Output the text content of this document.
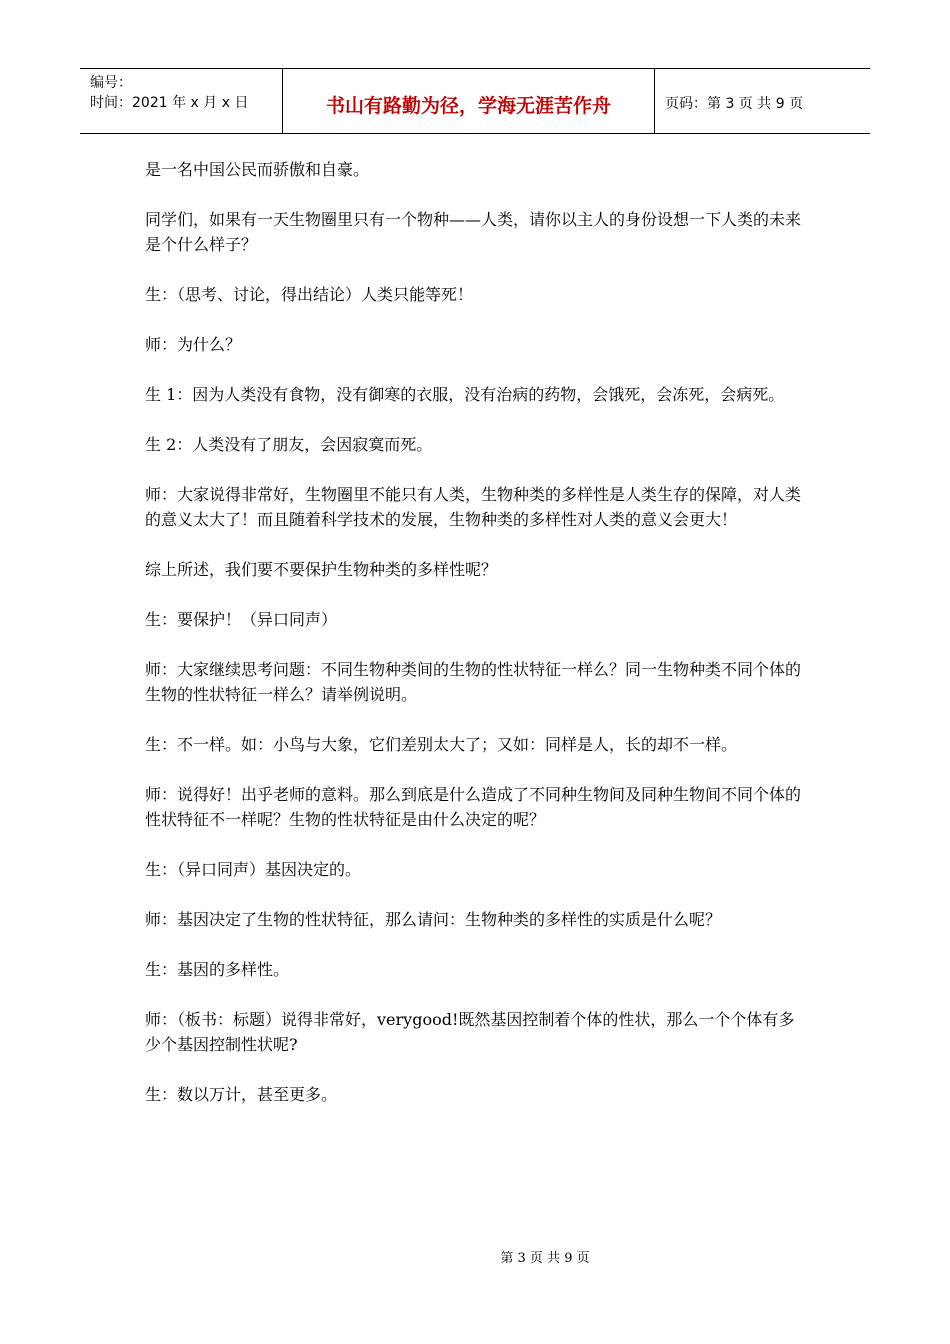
编号：
时间：2021 年 x 月 x 日	书山有路勤为径，学海无涯苦作舟	页码：第 3 页 共 9 页

是一名中国公民而骄傲和自豪。

同学们，如果有一天生物圈里只有一个物种——人类，请你以主人的身份设想一下人类的未来是个什么样子？

生：（思考、讨论，得出结论）人类只能等死！

师：为什么？

生 1：因为人类没有食物，没有御寒的衣服，没有治病的药物，会饿死，会冻死，会病死。

生 2：人类没有了朋友，会因寂寞而死。

师：大家说得非常好，生物圈里不能只有人类，生物种类的多样性是人类生存的保障，对人类的意义太大了！而且随着科学技术的发展，生物种类的多样性对人类的意义会更大！

综上所述，我们要不要保护生物种类的多样性呢？

生：要保护！（异口同声）

师：大家继续思考问题：不同生物种类间的生物的性状特征一样么？同一生物种类不同个体的生物的性状特征一样么？请举例说明。

生：不一样。如：小鸟与大象，它们差别太大了；又如：同样是人，长的却不一样。

师：说得好！出乎老师的意料。那么到底是什么造成了不同种生物间及同种生物间不同个体的性状特征不一样呢？生物的性状特征是由什么决定的呢？

生：（异口同声）基因决定的。

师：基因决定了生物的性状特征，那么请问：生物种类的多样性的实质是什么呢？

生：基因的多样性。

师：（板书：标题）说得非常好，verygood!既然基因控制着个体的性状，那么一个个体有多少个基因控制性状呢?

生：数以万计，甚至更多。

第 3 页 共 9 页
